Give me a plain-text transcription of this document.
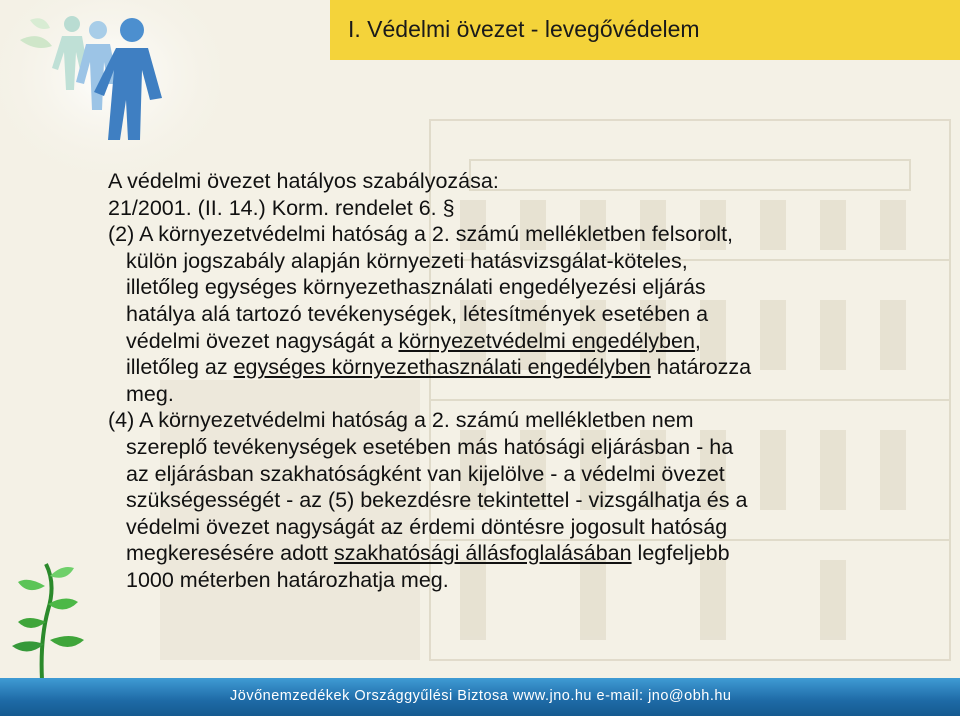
I. Védelmi övezet - levegővédelem
A védelmi övezet hatályos szabályozása:
21/2001. (II. 14.) Korm. rendelet 6. §
(2) A környezetvédelmi hatóság a 2. számú mellékletben felsorolt,
külön jogszabály alapján környezeti hatásvizsgálat-köteles,
illetőleg egységes környezethasználati engedélyezési eljárás
hatálya alá tartozó tevékenységek, létesítmények esetében a
védelmi övezet nagyságát a környezetvédelmi engedélyben,
illetőleg az egységes környezethasználati engedélyben határozza
meg.
(4) A környezetvédelmi hatóság a 2. számú mellékletben nem
szereplő tevékenységek esetében más hatósági eljárásban - ha
az eljárásban szakhatóságként van kijelölve - a védelmi övezet
szükségességét - az (5) bekezdésre tekintettel - vizsgálhatja és a
védelmi övezet nagyságát az érdemi döntésre jogosult hatóság
megkeresésére adott szakhatósági állásfoglalásában legfeljebb
1000 méterben határozhatja meg.
Jövőnemzedékek Országgyűlési Biztosa www.jno.hu e-mail: jno@obh.hu
